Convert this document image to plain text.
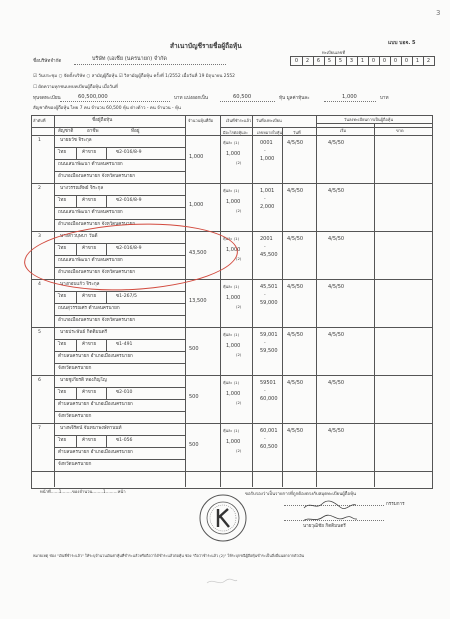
3
แบบ บอจ. 5
สำเนาบัญชีรายชื่อผู้ถือหุ้น
ชื่อบริษัทจำกัด	บริษัท (เอเชีย (นครนายก) จำกัด
ทะเบียนเลขที่
0	2	6	5	5	3	1	0	0	0	0	1	2
☑ วันประชุม ○ จัดตั้งบริษัท ○ สามัญผู้ถือหุ้น ☑ วิสามัญผู้ถือหุ้น ครั้งที่ 1/2552 เมื่อวันที่ 19 มิถุนายน 2552
☐ ผัดความทุกชนบทบทเบียนผู้ถือหุ้น เมื่อวันที่
ทุนจดทะเบียน	60,500,000	บาท แบ่งออกเป็น	60,500	หุ้น มูลค่าหุ้นละ	1,000	บาท
สัญชาติของผู้ถือหุ้น ไทย 7 คน จำนวน 60,500 หุ้น ต่างด้าว - คน จำนวน - หุ้น
ลำดับที่	ชื่อผู้ถือหุ้น
สัญชาติ	อาชีพ	ที่อยู่
จำนวนหุ้นที่ถือ	เงินที่ชำระแล้ว
มีอะไรต่อหุ้นละ เลขหมายใบหุ้น
วันที่ลงทะเบียน
วันที่
วันลงทะเบียนการเป็นผู้ถือหุ้น
เริ่ม	ขาด
1	นายธวัช จิระกุล
ไทย	ค้าขาย	ซ2-016/8-9
ถนนเสนาพัฒนา ตำบลนครนายก
อำเภอเมืองนครนายก จังหวัดนครนายก
1,000
หุ้นละ (1)
1,000
(2)
0001
-
1,000
4/5/50	4/5/50
2	นางวรรณทิพย์ จิระกุล
ไทย	ค้าขาย	ซ2-016/8-9
ถนนเสนาพัฒนา ตำบลนครนายก
อำเภอเมืองนครนายก จังหวัดนครนายก
1,000
หุ้นละ (1)
1,000
(2)
1,001
-
2,000
4/5/50	4/5/50
3	นางสาวบุษบา วันดี
ไทย	ค้าขาย	ซ2-016/8-9
ถนนเสนาพัฒนา ตำบลนครนายก
อำเภอเมืองนครนายก จังหวัดนครนายก
43,500
หุ้นละ (1)
1,000
(2)
2001
-
45,500
4/5/50	4/5/50
4	นางกอบแก้ว จิระกุล
ไทย	ค้าขาย	ซ1-267/5
ถนนสุวรรณศร ตำบลนครนายก
อำเภอเมืองนครนายก จังหวัดนครนายก
13,500
หุ้นละ (1)
1,000
(2)
45,501
-
59,000
4/5/50	4/5/50
5	นายประพันธ์ กิตติมนตรี
ไทย	ค้าขาย	ซ1-491
ตำบลนครนายก อำเภอเมืองนครนายก
จังหวัดนครนายก
500
หุ้นละ (1)
1,000
(2)
59,001
-
59,500
4/5/50	4/5/50
6	นายชูเกียรติ ทองภิญโญ
ไทย	ค้าขาย	ซ2-010
ตำบลนครนายก อำเภอเมืองนครนายก
จังหวัดนครนายก
500
หุ้นละ (1)
1,000
(2)
59501
-
60,000
4/5/50	4/5/50
7	นางพจีรัตน์ จันทนาพงษ์ทานนท์
ไทย	ค้าขาย	ซ1-056
ตำบลนครนายก อำเภอเมืองนครนายก
จังหวัดนครนายก
500
หุ้นละ (1)
1,000
(2)
60,001
-
60,500
4/5/50	4/5/50
หน้าที่......1........ของจำนวน........1.........หน้า
ขอรับรองว่าเป็นรายการที่ถูกต้องตรงกับสมุดทะเบียนผู้ถือหุ้น
กรรมการ
นายวุฒิชัย กิตติมนตรี
หมายเหตุ ช่อง "เงินที่ชำระแล้ว" ให้ระบุจำนวนเงินค่าหุ้นที่ชำระแล้วหรือถือว่าได้ชำระแล้วต่อหุ้น ช่อง "ถือว่าชำระแล้ว (2)" ให้ระบุกรณีผู้ถือหุ้นชำระเป็นสิ่งอื่นนอกจากตัวเงิน
